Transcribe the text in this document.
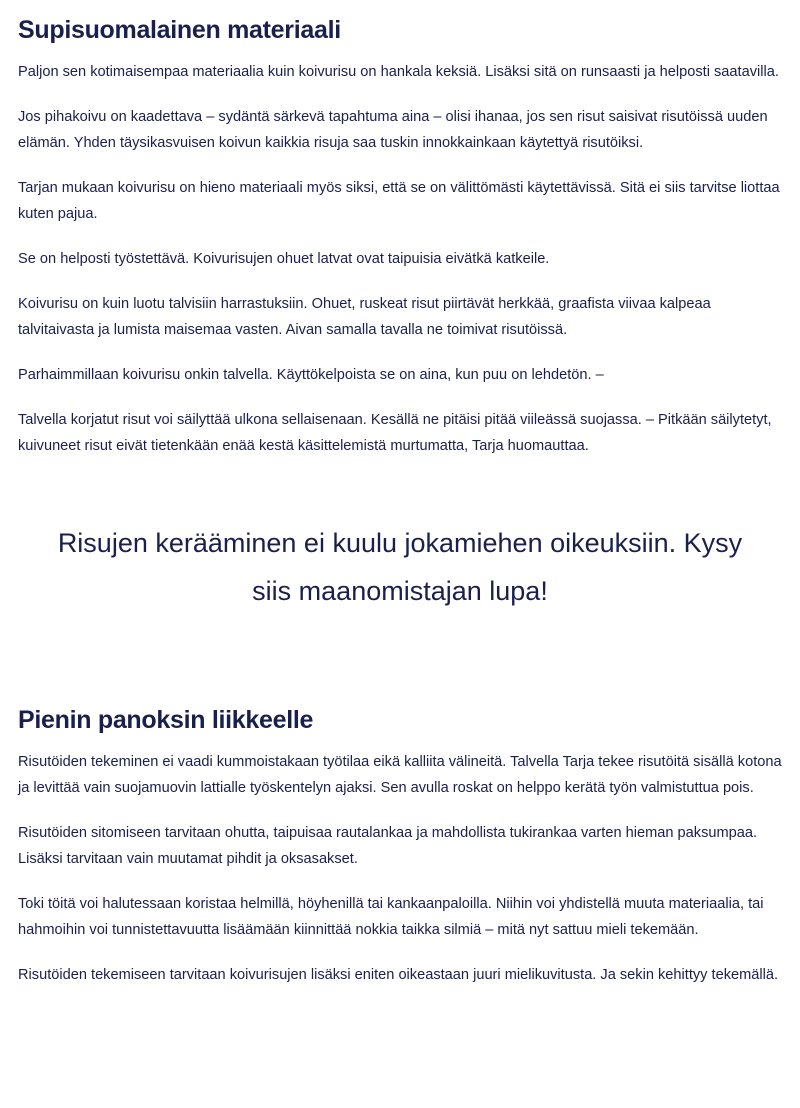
Supisuomalainen materiaali

Paljon sen kotimaisempaa materiaalia kuin koivurisu on hankala keksiä. Lisäksi sitä on runsaasti ja helposti saatavilla.

Jos pihakoivu on kaadettava – sydäntä särkevä tapahtuma aina – olisi ihanaa, jos sen risut saisivat risutöissä uuden elämän. Yhden täysikasvuisen koivun kaikkia risuja saa tuskin innokkainkaan käytettyä risutöiksi.

Tarjan mukaan koivurisu on hieno materiaali myös siksi, että se on välittömästi käytettävissä. Sitä ei siis tarvitse liottaa kuten pajua.

Se on helposti työstettävä. Koivurisujen ohuet latvat ovat taipuisia eivätkä katkeile.

Koivurisu on kuin luotu talvisiin harrastuksiin. Ohuet, ruskeat risut piirtävät herkkää, graafista viivaa kalpeaa talvitaivasta ja lumista maisemaa vasten. Aivan samalla tavalla ne toimivat risutöissä.

Parhaimmillaan koivurisu onkin talvella. Käyttökelpoista se on aina, kun puu on lehdetön. –

Talvella korjatut risut voi säilyttää ulkona sellaisenaan. Kesällä ne pitäisi pitää viileässä suojassa. – Pitkään säilytetyt, kuivuneet risut eivät tietenkään enää kestä käsittelemistä murtumatta, Tarja huomauttaa.

Risujen kerääminen ei kuulu jokamiehen oikeuksiin. Kysy siis maanomistajan lupa!
Pienin panoksin liikkeelle

Risutöiden tekeminen ei vaadi kummoistakaan työtilaa eikä kalliita välineitä. Talvella Tarja tekee risutöitä sisällä kotona ja levittää vain suojamuovin lattialle työskentelyn ajaksi. Sen avulla roskat on helppo kerätä työn valmistuttua pois.

Risutöiden sitomiseen tarvitaan ohutta, taipuisaa rautalankaa ja mahdollista tukirankaa varten hieman paksumpaa. Lisäksi tarvitaan vain muutamat pihdit ja oksasakset.

Toki töitä voi halutessaan koristaa helmillä, höyhenillä tai kankaanpaloilla. Niihin voi yhdistellä muuta materiaalia, tai hahmoihin voi tunnistettavuutta lisäämään kiinnittää nokkia taikka silmiä – mitä nyt sattuu mieli tekemään.

Risutöiden tekemiseen tarvitaan koivurisujen lisäksi eniten oikeastaan juuri mielikuvitusta. Ja sekin kehittyy tekemällä.
